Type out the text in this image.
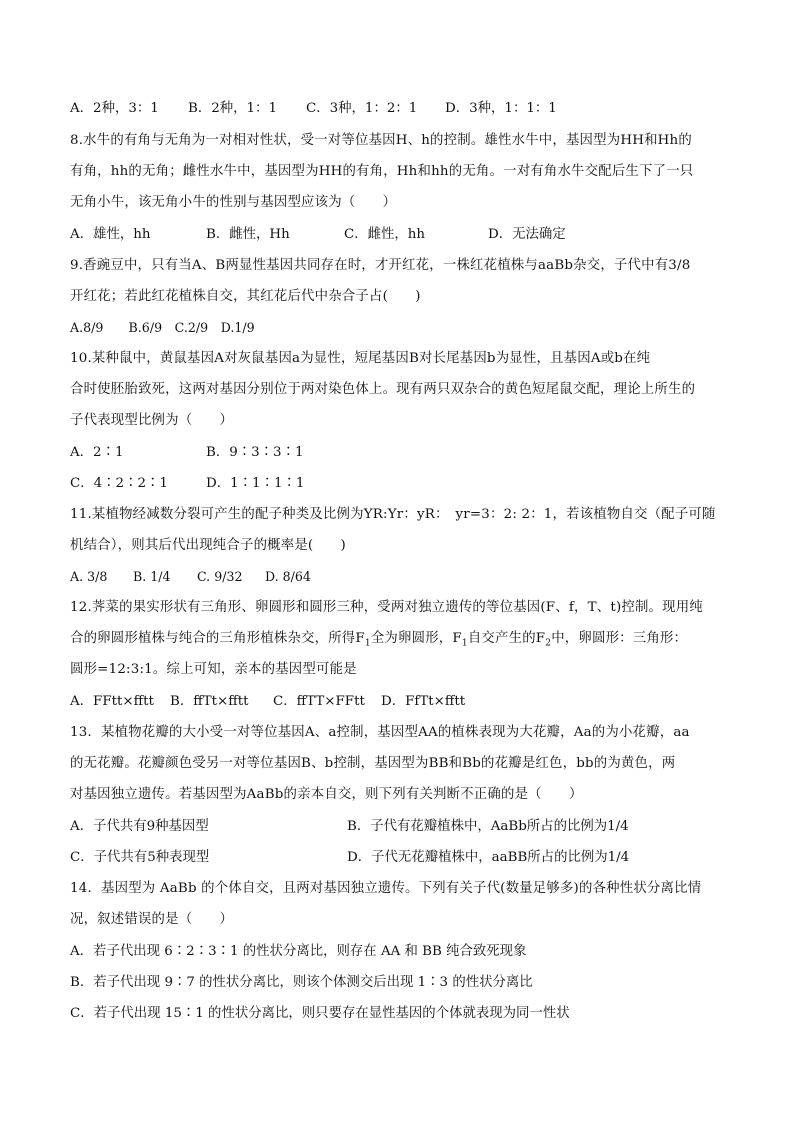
A．2种，3：1 B．2种，1：1 C．3种，1：2：1 D．3种，1：1：1
8.水牛的有角与无角为一对相对性状，受一对等位基因H、h的控制。雄性水牛中，基因型为HH和Hh的
有角，hh的无角；雌性水牛中，基因型为HH的有角，Hh和hh的无角。一对有角水牛交配后生下了一只
无角小牛，该无角小牛的性别与基因型应该为（　　）
A．雄性，hh	B．雌性，Hh	C．雌性，hh	D．无法确定
9.香豌豆中，只有当A、B两显性基因共同存在时，才开红花，一株红花植株与aaBb杂交，子代中有3/8
开红花；若此红花植株自交，其红花后代中杂合子占(　　)
A.8/9　　B.6/9　C.2/9　D.1/9
10.某种鼠中，黄鼠基因A对灰鼠基因a为显性，短尾基因B对长尾基因b为显性，且基因A或b在纯
合时使胚胎致死，这两对基因分别位于两对染色体上。现有两只双杂合的黄色短尾鼠交配，理论上所生的
子代表现型比例为（　　）
A．2∶1	B．9∶3∶3∶1
C．4∶2∶2∶1	D．1∶1∶1∶1
11.某植物经减数分裂可产生的配子种类及比例为YR:Yr：yR：　yr=3：2: 2：1，若该植物自交（配子可随
机结合），则其后代出现纯合子的概率是(　　)
A. 3/8 B. 1/4 C. 9/32 D. 8/64
12.荠菜的果实形状有三角形、卵圆形和圆形三种，受两对独立遗传的等位基因(F、f，T、t)控制。现用纯
合的卵圆形植株与纯合的三角形植株杂交，所得$F_1$全为卵圆形，$F_1$自交产生的$F_2$中，卵圆形：三角形：
圆形=12:3:1。综上可知，亲本的基因型可能是
A．FFtt×fftt B．ffTt×fftt C．ffTT×FFtt D．FfTt×fftt
13．某植物花瓣的大小受一对等位基因A、a控制，基因型AA的植株表现为大花瓣，Aa的为小花瓣，aa
的无花瓣。花瓣颜色受另一对等位基因B、b控制，基因型为BB和Bb的花瓣是红色，bb的为黄色，两
对基因独立遗传。若基因型为AaBb的亲本自交，则下列有关判断不正确的是（　　）
A．子代共有9种基因型	B．子代有花瓣植株中，AaBb所占的比例为1/4
C．子代共有5种表现型	D．子代无花瓣植株中，aaBB所占的比例为1/4
14．基因型为 AaBb 的个体自交，且两对基因独立遗传。下列有关子代(数量足够多)的各种性状分离比情
况，叙述错误的是（　　）
A．若子代出现 6∶2∶3∶1 的性状分离比，则存在 AA 和 BB 纯合致死现象
B．若子代出现 9∶7 的性状分离比，则该个体测交后出现 1∶3 的性状分离比
C．若子代出现 15∶1 的性状分离比，则只要存在显性基因的个体就表现为同一性状
